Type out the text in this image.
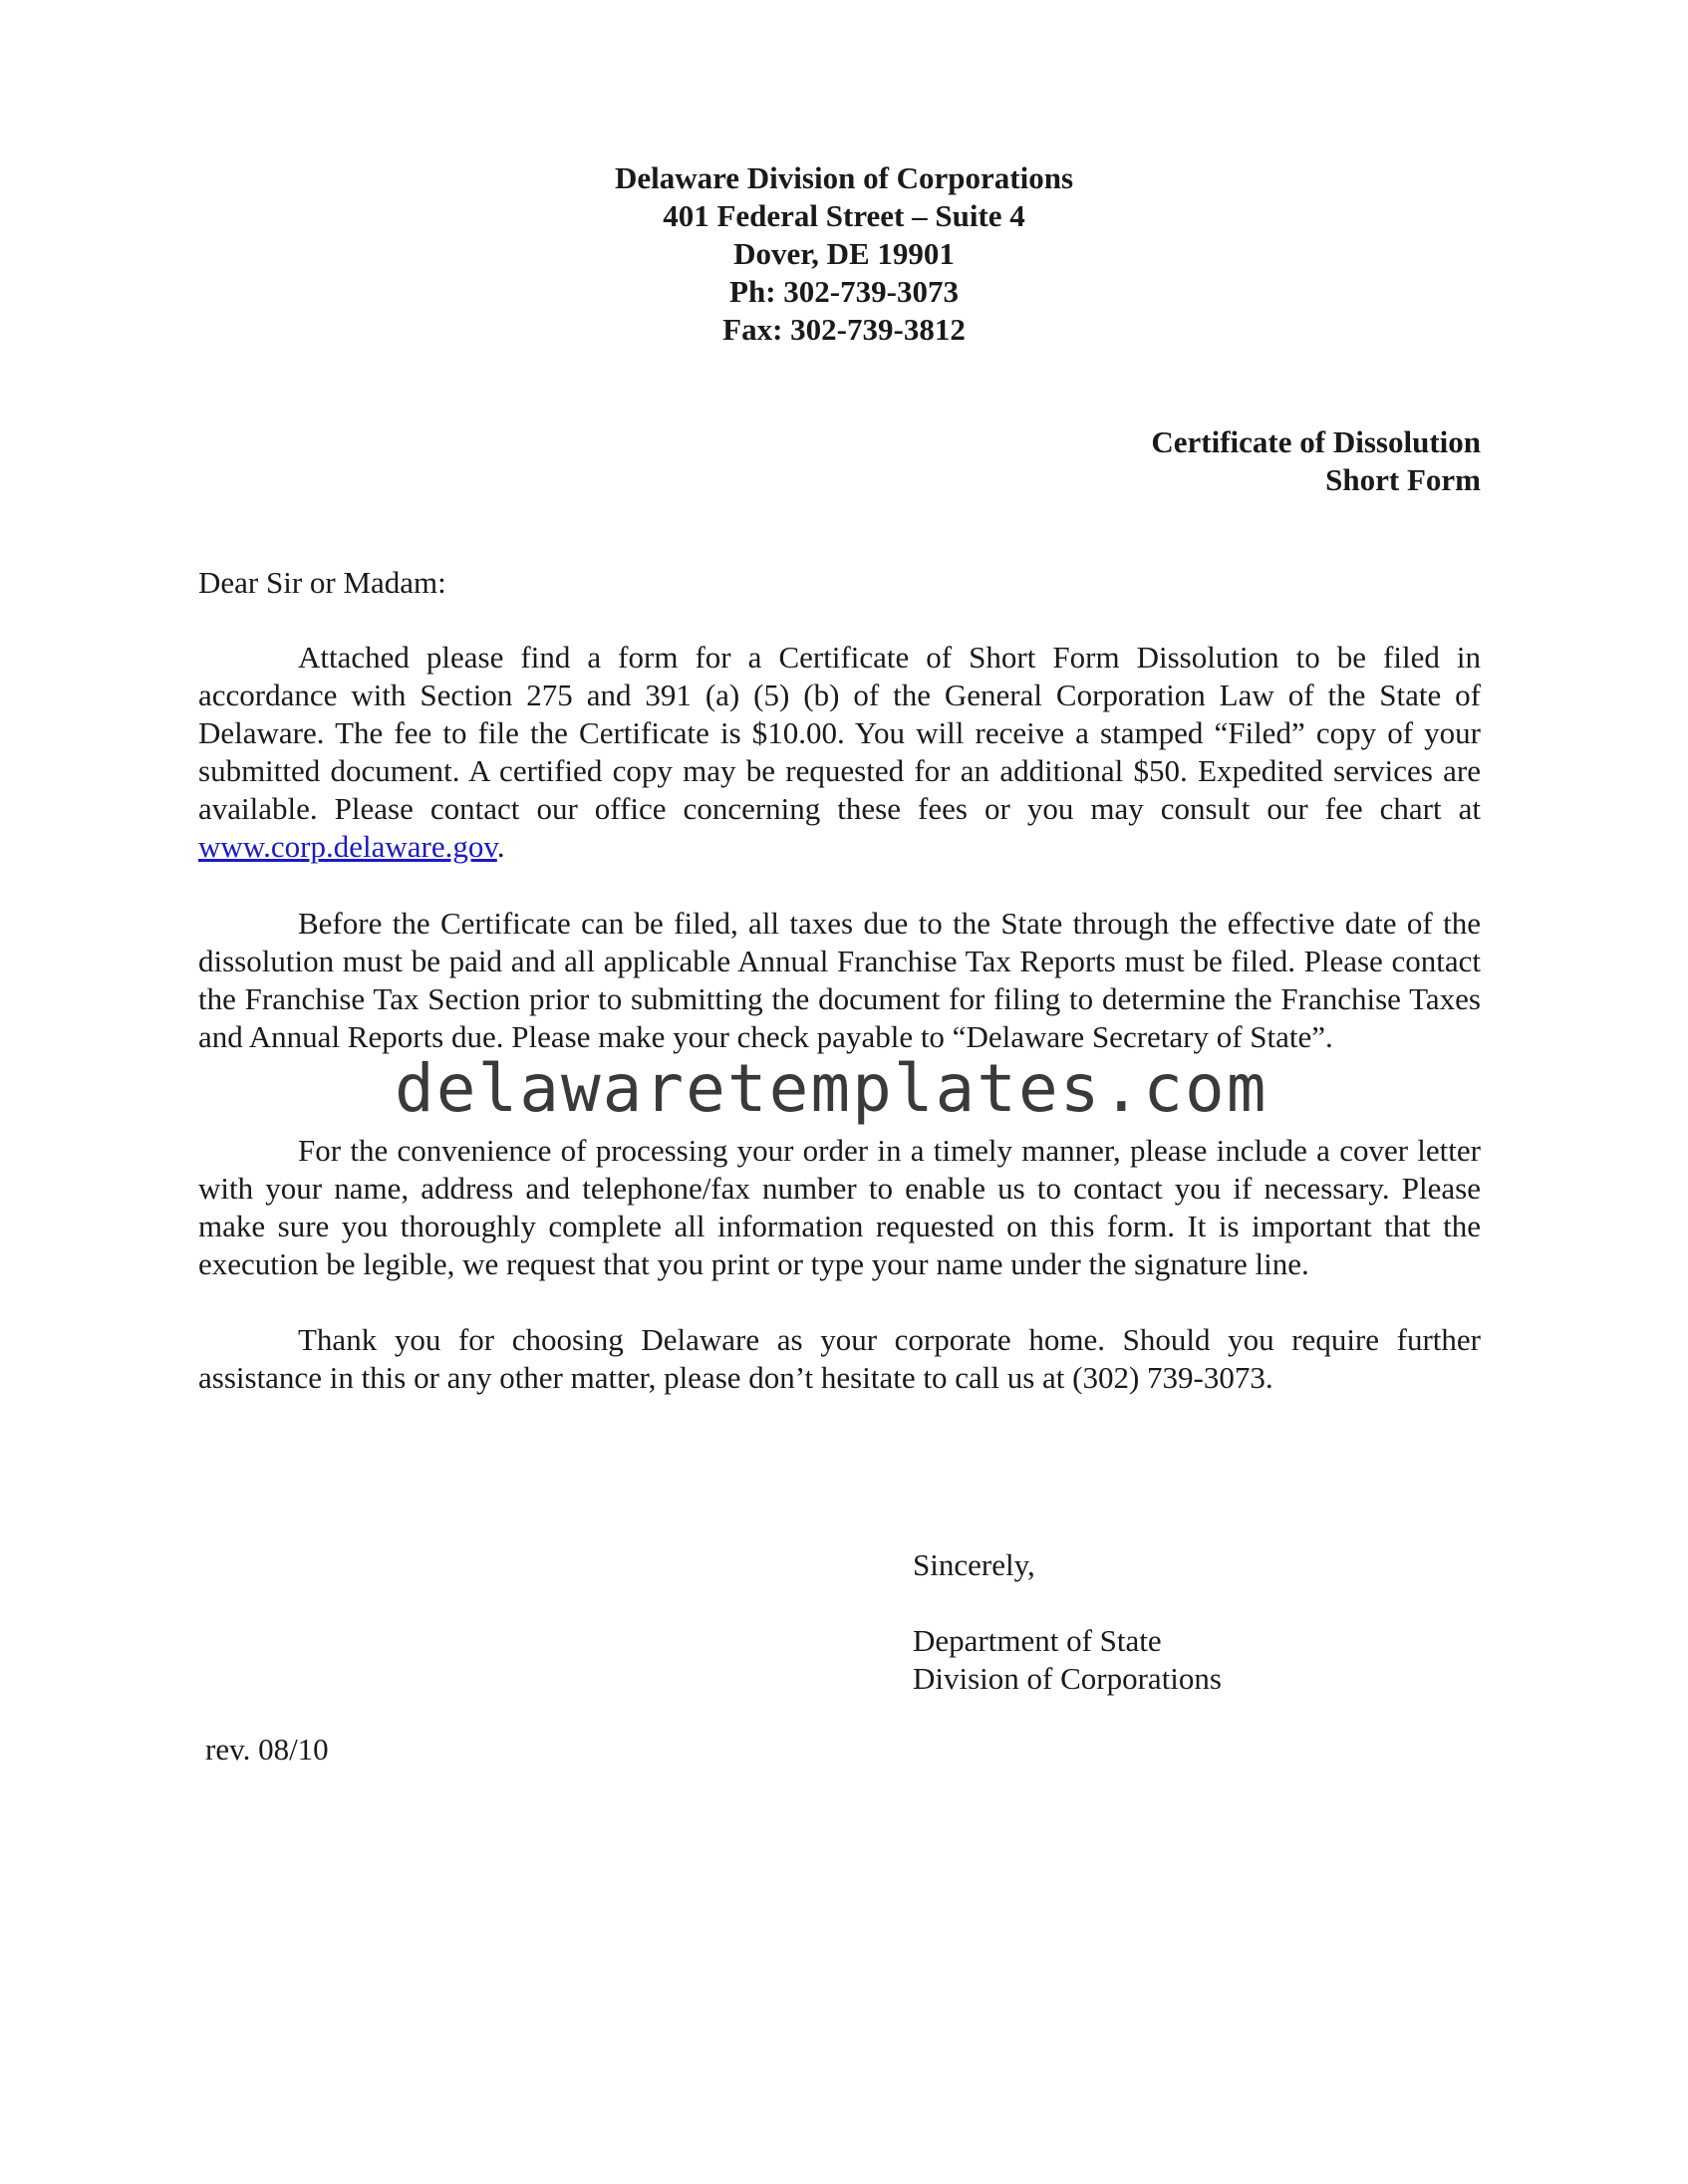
Delaware Division of Corporations
401 Federal Street – Suite 4
Dover, DE 19901
Ph: 302-739-3073
Fax: 302-739-3812
Certificate of Dissolution
Short Form
Dear Sir or Madam:

Attached please find a form for a Certificate of Short Form Dissolution to be filed in accordance with Section 275 and 391 (a) (5) (b) of the General Corporation Law of the State of Delaware. The fee to file the Certificate is $10.00. You will receive a stamped “Filed” copy of your submitted document. A certified copy may be requested for an additional $50. Expedited services are available. Please contact our office concerning these fees or you may consult our fee chart at www.corp.delaware.gov.

Before the Certificate can be filed, all taxes due to the State through the effective date of the dissolution must be paid and all applicable Annual Franchise Tax Reports must be filed. Please contact the Franchise Tax Section prior to submitting the document for filing to determine the Franchise Taxes and Annual Reports due. Please make your check payable to “Delaware Secretary of State”.

delawaretemplates.com

For the convenience of processing your order in a timely manner, please include a cover letter with your name, address and telephone/fax number to enable us to contact you if necessary. Please make sure you thoroughly complete all information requested on this form. It is important that the execution be legible, we request that you print or type your name under the signature line.

Thank you for choosing Delaware as your corporate home. Should you require further assistance in this or any other matter, please don’t hesitate to call us at (302) 739-3073.

Sincerely,
Department of State
Division of Corporations
rev. 08/10
